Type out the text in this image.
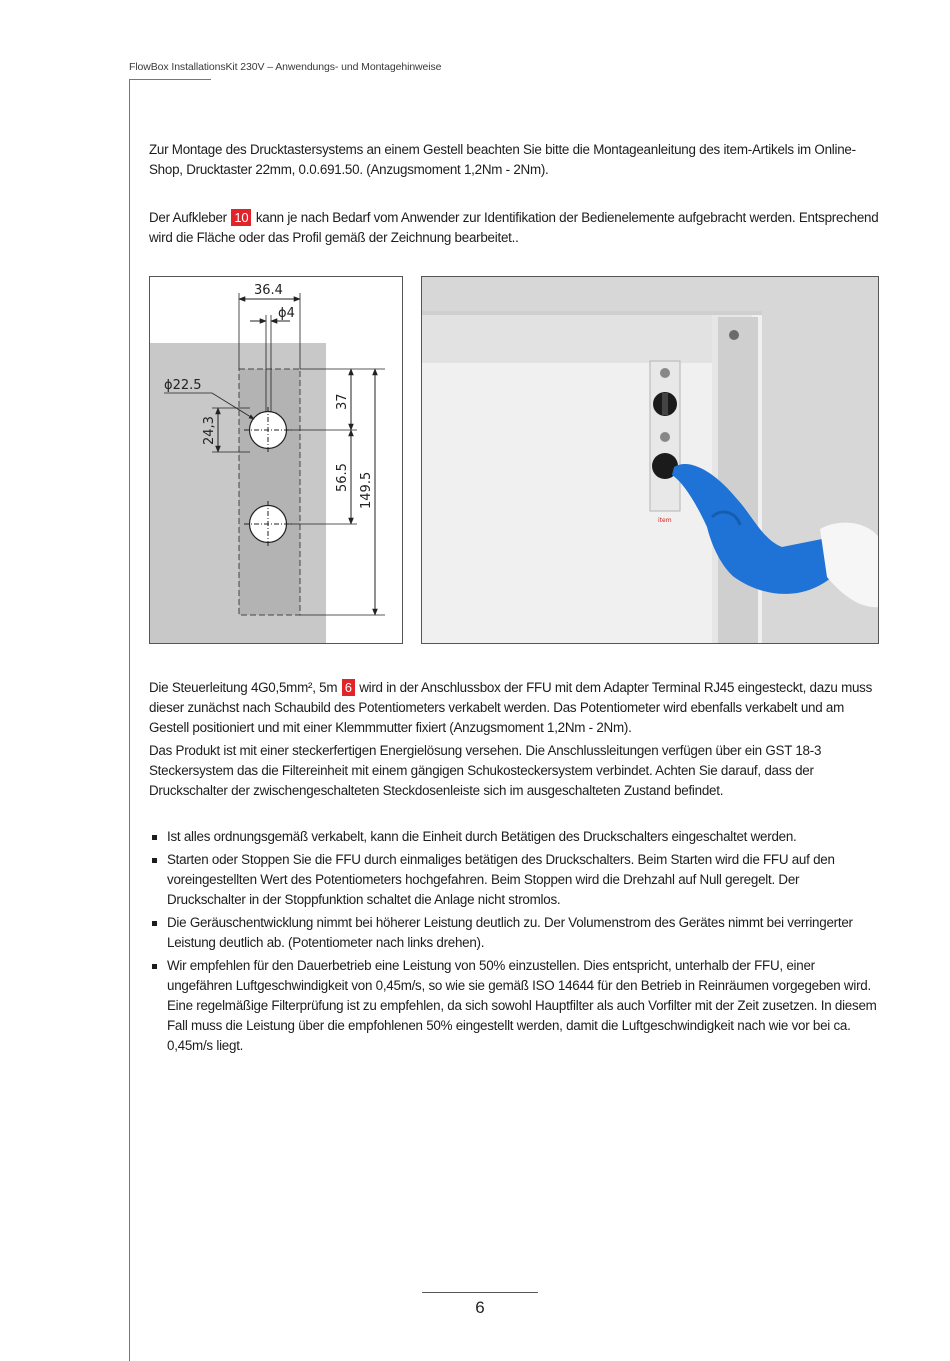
FlowBox InstallationsKit 230V – Anwendungs- und Montagehinweise

Zur Montage des Drucktastersystems an einem Gestell beachten Sie bitte die Montageanleitung des item-Artikels im Online-Shop, Drucktaster 22mm, 0.0.691.50. (Anzugsmoment 1,2Nm - 2Nm).

Der Aufkleber 10 kann je nach Bedarf vom Anwender zur Identifikation der Bedienelemente aufgebracht werden. Entsprechend wird die Fläche oder das Profil gemäß der Zeichnung bearbeitet..

36.4
ϕ4
ϕ22.5
24,3
37
56.5 149.5
item

Die Steuerleitung 4G0,5mm², 5m 6 wird in der Anschlussbox der FFU mit dem Adapter Terminal RJ45 eingesteckt, dazu muss dieser zunächst nach Schaubild des Potentiometers verkabelt werden. Das Potentiometer wird ebenfalls verkabelt und am Gestell positioniert und mit einer Klemmmutter fixiert (Anzugsmoment 1,2Nm - 2Nm).

Das Produkt ist mit einer steckerfertigen Energielösung versehen. Die Anschlussleitungen verfügen über ein GST 18-3 Steckersystem das die Filtereinheit mit einem gängigen Schukosteckersystem verbindet. Achten Sie darauf, dass der Druckschalter der zwischengeschalteten Steckdosenleiste sich im ausgeschalteten Zustand befindet.

Ist alles ordnungsgemäß verkabelt, kann die Einheit durch Betätigen des Druckschalters eingeschaltet werden.
Starten oder Stoppen Sie die FFU durch einmaliges betätigen des Druckschalters. Beim Starten wird die FFU auf den voreingestellten Wert des Potentiometers hochgefahren. Beim Stoppen wird die Drehzahl auf Null geregelt. Der Druckschalter in der Stoppfunktion schaltet die Anlage nicht stromlos.
Die Geräuschentwicklung nimmt bei höherer Leistung deutlich zu. Der Volumenstrom des Gerätes nimmt bei verringerter Leistung deutlich ab. (Potentiometer nach links drehen).
Wir empfehlen für den Dauerbetrieb eine Leistung von 50% einzustellen. Dies entspricht, unterhalb der FFU, einer ungefähren Luftgeschwindigkeit von 0,45m/s, so wie sie gemäß ISO 14644 für den Betrieb in Reinräumen vorgegeben wird. Eine regelmäßige Filterprüfung ist zu empfehlen, da sich sowohl Hauptfilter als auch Vorfilter mit der Zeit zusetzen. In diesem Fall muss die Leistung über die empfohlenen 50% eingestellt werden, damit die Luftgeschwindigkeit nach wie vor bei ca. 0,45m/s liegt.
6
